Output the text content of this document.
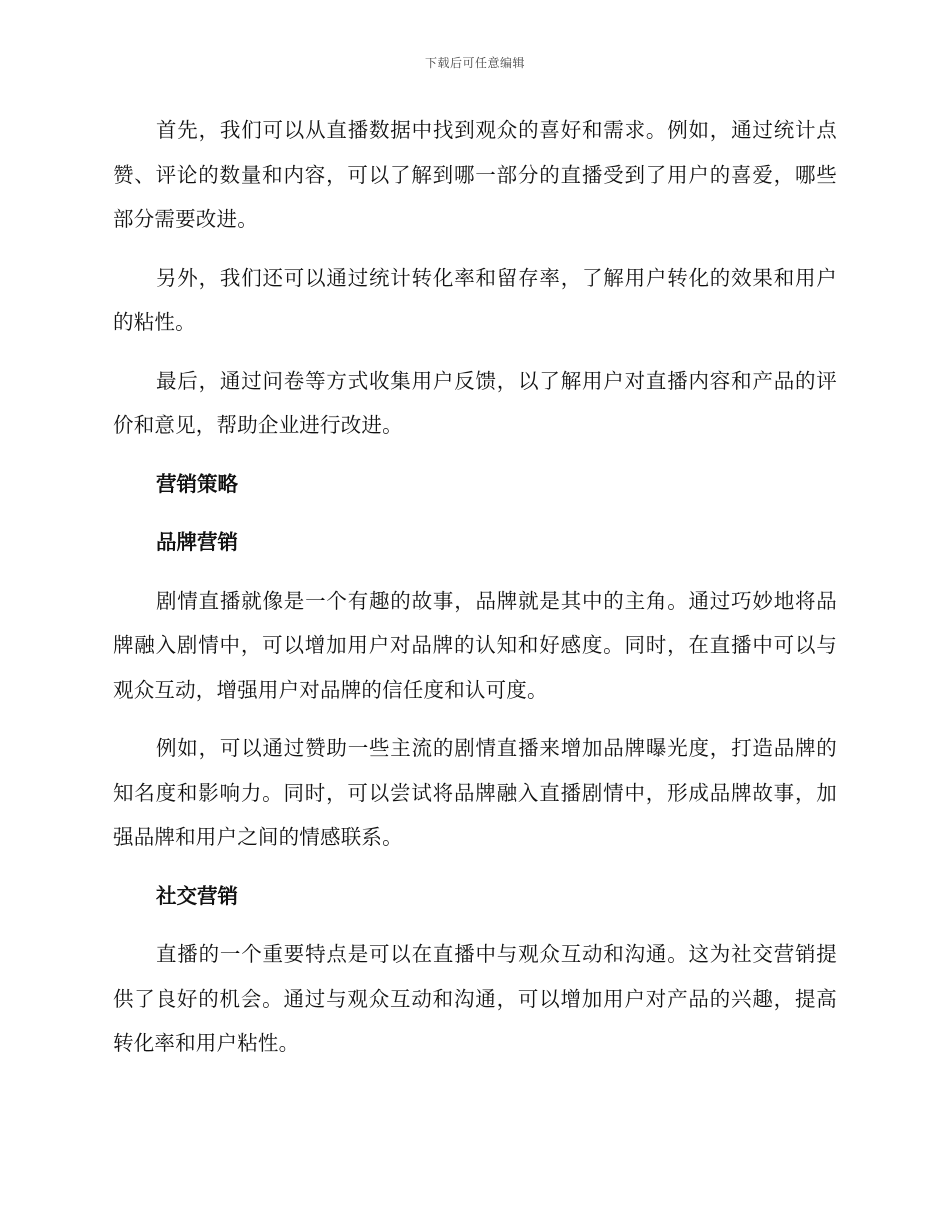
下载后可任意编辑

首先，我们可以从直播数据中找到观众的喜好和需求。例如，通过统计点赞、评论的数量和内容，可以了解到哪一部分的直播受到了用户的喜爱，哪些部分需要改进。

另外，我们还可以通过统计转化率和留存率，了解用户转化的效果和用户的粘性。

最后，通过问卷等方式收集用户反馈，以了解用户对直播内容和产品的评价和意见，帮助企业进行改进。

营销策略
品牌营销

剧情直播就像是一个有趣的故事，品牌就是其中的主角。通过巧妙地将品牌融入剧情中，可以增加用户对品牌的认知和好感度。同时，在直播中可以与观众互动，增强用户对品牌的信任度和认可度。

例如，可以通过赞助一些主流的剧情直播来增加品牌曝光度，打造品牌的知名度和影响力。同时，可以尝试将品牌融入直播剧情中，形成品牌故事，加强品牌和用户之间的情感联系。

社交营销

直播的一个重要特点是可以在直播中与观众互动和沟通。这为社交营销提供了良好的机会。通过与观众互动和沟通，可以增加用户对产品的兴趣，提高转化率和用户粘性。
